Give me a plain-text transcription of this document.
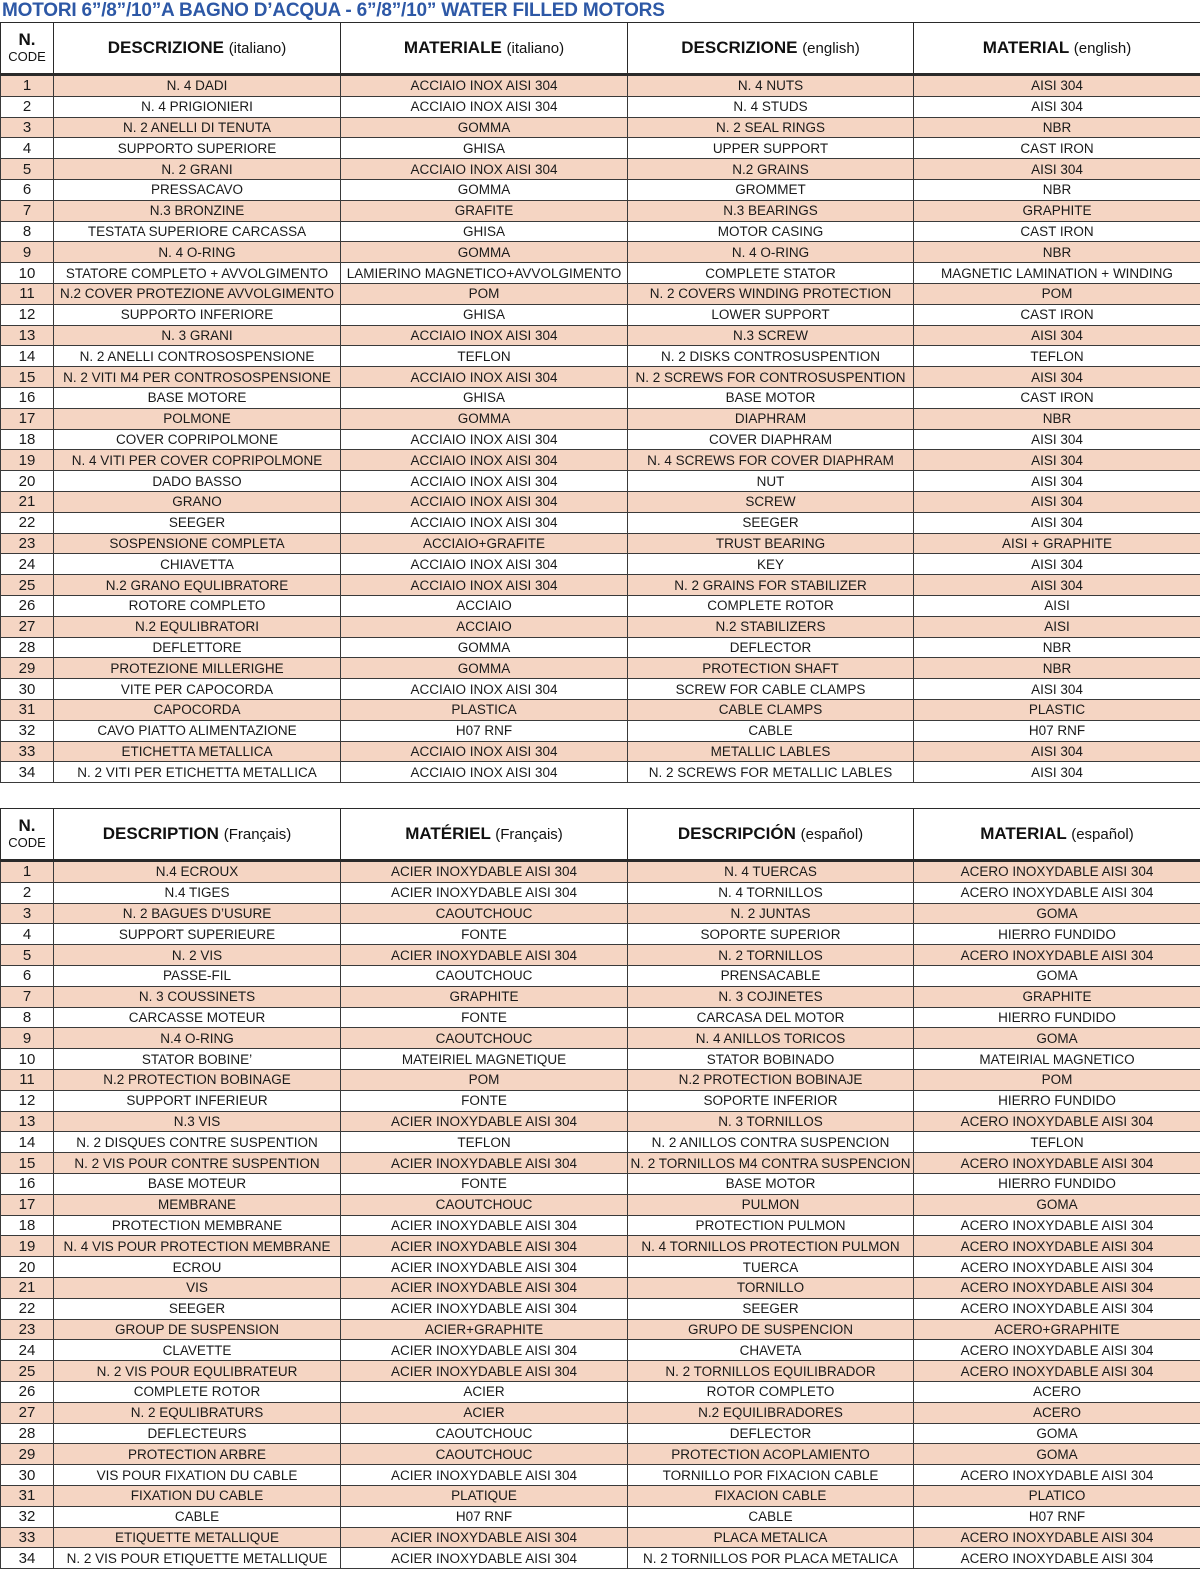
MOTORI 6”/8”/10”A BAGNO D’ACQUA - 6”/8”/10” WATER FILLED MOTORS
N.
CODE	DESCRIZIONE (italiano)	MATERIALE (italiano)	DESCRIZIONE (english)	MATERIAL (english)
1	N. 4 DADI	ACCIAIO INOX AISI 304	N. 4 NUTS	AISI 304
2	N. 4 PRIGIONIERI	ACCIAIO INOX AISI 304	N. 4 STUDS	AISI 304
3	N. 2 ANELLI DI TENUTA	GOMMA	N. 2 SEAL RINGS	NBR
4	SUPPORTO SUPERIORE	GHISA	UPPER SUPPORT	CAST IRON
5	N. 2 GRANI	ACCIAIO INOX AISI 304	N.2 GRAINS	AISI 304
6	PRESSACAVO	GOMMA	GROMMET	NBR
7	N.3 BRONZINE	GRAFITE	N.3 BEARINGS	GRAPHITE
8	TESTATA SUPERIORE CARCASSA	GHISA	MOTOR CASING	CAST IRON
9	N. 4 O-RING	GOMMA	N. 4 O-RING	NBR
10	STATORE COMPLETO + AVVOLGIMENTO	LAMIERINO MAGNETICO+AVVOLGIMENTO	COMPLETE STATOR	MAGNETIC LAMINATION + WINDING
11	N.2 COVER PROTEZIONE AVVOLGIMENTO	POM	N. 2 COVERS WINDING PROTECTION	POM
12	SUPPORTO INFERIORE	GHISA	LOWER SUPPORT	CAST IRON
13	N. 3 GRANI	ACCIAIO INOX AISI 304	N.3 SCREW	AISI 304
14	N. 2 ANELLI CONTROSOSPENSIONE	TEFLON	N. 2 DISKS CONTROSUSPENTION	TEFLON
15	N. 2 VITI M4 PER CONTROSOSPENSIONE	ACCIAIO INOX AISI 304	N. 2 SCREWS FOR CONTROSUSPENTION	AISI 304
16	BASE MOTORE	GHISA	BASE MOTOR	CAST IRON
17	POLMONE	GOMMA	DIAPHRAM	NBR
18	COVER COPRIPOLMONE	ACCIAIO INOX AISI 304	COVER DIAPHRAM	AISI 304
19	N. 4 VITI PER COVER COPRIPOLMONE	ACCIAIO INOX AISI 304	N. 4 SCREWS FOR COVER DIAPHRAM	AISI 304
20	DADO BASSO	ACCIAIO INOX AISI 304	NUT	AISI 304
21	GRANO	ACCIAIO INOX AISI 304	SCREW	AISI 304
22	SEEGER	ACCIAIO INOX AISI 304	SEEGER	AISI 304
23	SOSPENSIONE COMPLETA	ACCIAIO+GRAFITE	TRUST BEARING	AISI + GRAPHITE
24	CHIAVETTA	ACCIAIO INOX AISI 304	KEY	AISI 304
25	N.2 GRANO EQULIBRATORE	ACCIAIO INOX AISI 304	N. 2 GRAINS FOR STABILIZER	AISI 304
26	ROTORE COMPLETO	ACCIAIO	COMPLETE ROTOR	AISI
27	N.2 EQULIBRATORI	ACCIAIO	N.2 STABILIZERS	AISI
28	DEFLETTORE	GOMMA	DEFLECTOR	NBR
29	PROTEZIONE MILLERIGHE	GOMMA	PROTECTION SHAFT	NBR
30	VITE PER CAPOCORDA	ACCIAIO INOX AISI 304	SCREW FOR CABLE CLAMPS	AISI 304
31	CAPOCORDA	PLASTICA	CABLE CLAMPS	PLASTIC
32	CAVO PIATTO ALIMENTAZIONE	H07 RNF	CABLE	H07 RNF
33	ETICHETTA METALLICA	ACCIAIO INOX AISI 304	METALLIC LABLES	AISI 304
34	N. 2 VITI PER ETICHETTA METALLICA	ACCIAIO INOX AISI 304	N. 2 SCREWS FOR METALLIC LABLES	AISI 304
N.
CODE	DESCRIPTION (Français)	MATÉRIEL (Français)	DESCRIPCIÓN (español)	MATERIAL (español)
1	N.4 ECROUX	ACIER INOXYDABLE AISI 304	N. 4 TUERCAS	ACERO INOXYDABLE AISI 304
2	N.4 TIGES	ACIER INOXYDABLE AISI 304	N. 4 TORNILLOS	ACERO INOXYDABLE AISI 304
3	N. 2 BAGUES D’USURE	CAOUTCHOUC	N. 2 JUNTAS	GOMA
4	SUPPORT SUPERIEURE	FONTE	SOPORTE SUPERIOR	HIERRO FUNDIDO
5	N. 2 VIS	ACIER INOXYDABLE AISI 304	N. 2 TORNILLOS	ACERO INOXYDABLE AISI 304
6	PASSE-FIL	CAOUTCHOUC	PRENSACABLE	GOMA
7	N. 3 COUSSINETS	GRAPHITE	N. 3 COJINETES	GRAPHITE
8	CARCASSE MOTEUR	FONTE	CARCASA DEL MOTOR	HIERRO FUNDIDO
9	N.4 O-RING	CAOUTCHOUC	N. 4 ANILLOS TORICOS	GOMA
10	STATOR BOBINE’	MATEIRIEL MAGNETIQUE	STATOR BOBINADO	MATEIRIAL MAGNETICO
11	N.2 PROTECTION BOBINAGE	POM	N.2 PROTECTION BOBINAJE	POM
12	SUPPORT INFERIEUR	FONTE	SOPORTE INFERIOR	HIERRO FUNDIDO
13	N.3 VIS	ACIER INOXYDABLE AISI 304	N. 3 TORNILLOS	ACERO INOXYDABLE AISI 304
14	N. 2 DISQUES CONTRE SUSPENTION	TEFLON	N. 2 ANILLOS CONTRA SUSPENCION	TEFLON
15	N. 2 VIS POUR CONTRE SUSPENTION	ACIER INOXYDABLE AISI 304	N. 2 TORNILLOS M4 CONTRA SUSPENCION	ACERO INOXYDABLE AISI 304
16	BASE MOTEUR	FONTE	BASE MOTOR	HIERRO FUNDIDO
17	MEMBRANE	CAOUTCHOUC	PULMON	GOMA
18	PROTECTION MEMBRANE	ACIER INOXYDABLE AISI 304	PROTECTION PULMON	ACERO INOXYDABLE AISI 304
19	N. 4 VIS POUR PROTECTION MEMBRANE	ACIER INOXYDABLE AISI 304	N. 4 TORNILLOS PROTECTION PULMON	ACERO INOXYDABLE AISI 304
20	ECROU	ACIER INOXYDABLE AISI 304	TUERCA	ACERO INOXYDABLE AISI 304
21	VIS	ACIER INOXYDABLE AISI 304	TORNILLO	ACERO INOXYDABLE AISI 304
22	SEEGER	ACIER INOXYDABLE AISI 304	SEEGER	ACERO INOXYDABLE AISI 304
23	GROUP DE SUSPENSION	ACIER+GRAPHITE	GRUPO DE SUSPENCION	ACERO+GRAPHITE
24	CLAVETTE	ACIER INOXYDABLE AISI 304	CHAVETA	ACERO INOXYDABLE AISI 304
25	N. 2 VIS POUR EQULIBRATEUR	ACIER INOXYDABLE AISI 304	N. 2 TORNILLOS EQUILIBRADOR	ACERO INOXYDABLE AISI 304
26	COMPLETE ROTOR	ACIER	ROTOR COMPLETO	ACERO
27	N. 2 EQULIBRATURS	ACIER	N.2 EQUILIBRADORES	ACERO
28	DEFLECTEURS	CAOUTCHOUC	DEFLECTOR	GOMA
29	PROTECTION ARBRE	CAOUTCHOUC	PROTECTION ACOPLAMIENTO	GOMA
30	VIS POUR FIXATION DU CABLE	ACIER INOXYDABLE AISI 304	TORNILLO POR FIXACION CABLE	ACERO INOXYDABLE AISI 304
31	FIXATION DU CABLE	PLATIQUE	FIXACION CABLE	PLATICO
32	CABLE	H07 RNF	CABLE	H07 RNF
33	ETIQUETTE METALLIQUE	ACIER INOXYDABLE AISI 304	PLACA METALICA	ACERO INOXYDABLE AISI 304
34	N. 2 VIS POUR ETIQUETTE METALLIQUE	ACIER INOXYDABLE AISI 304	N. 2 TORNILLOS POR PLACA METALICA	ACERO INOXYDABLE AISI 304
